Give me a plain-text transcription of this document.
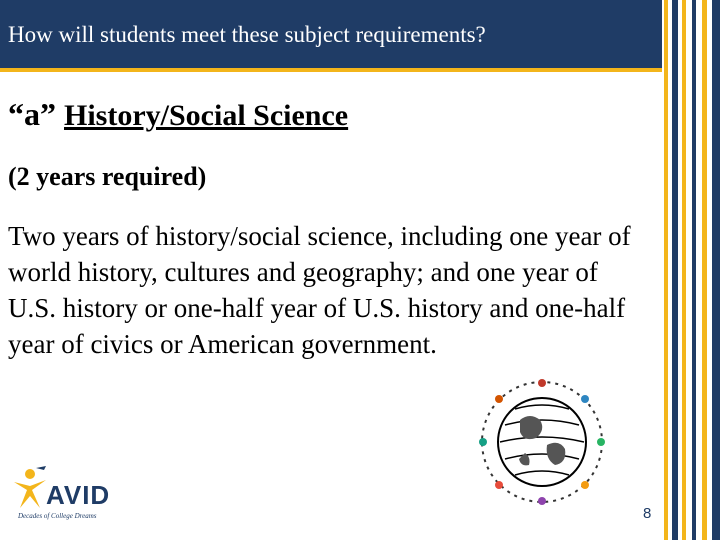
How will students meet these subject requirements?
“a” History/Social Science
(2 years required)
Two years of history/social science, including one year of world history, cultures and geography; and one year of U.S. history or one-half year of U.S. history and one-half year of civics or American government.
AVID
Decades of College Dreams	8
